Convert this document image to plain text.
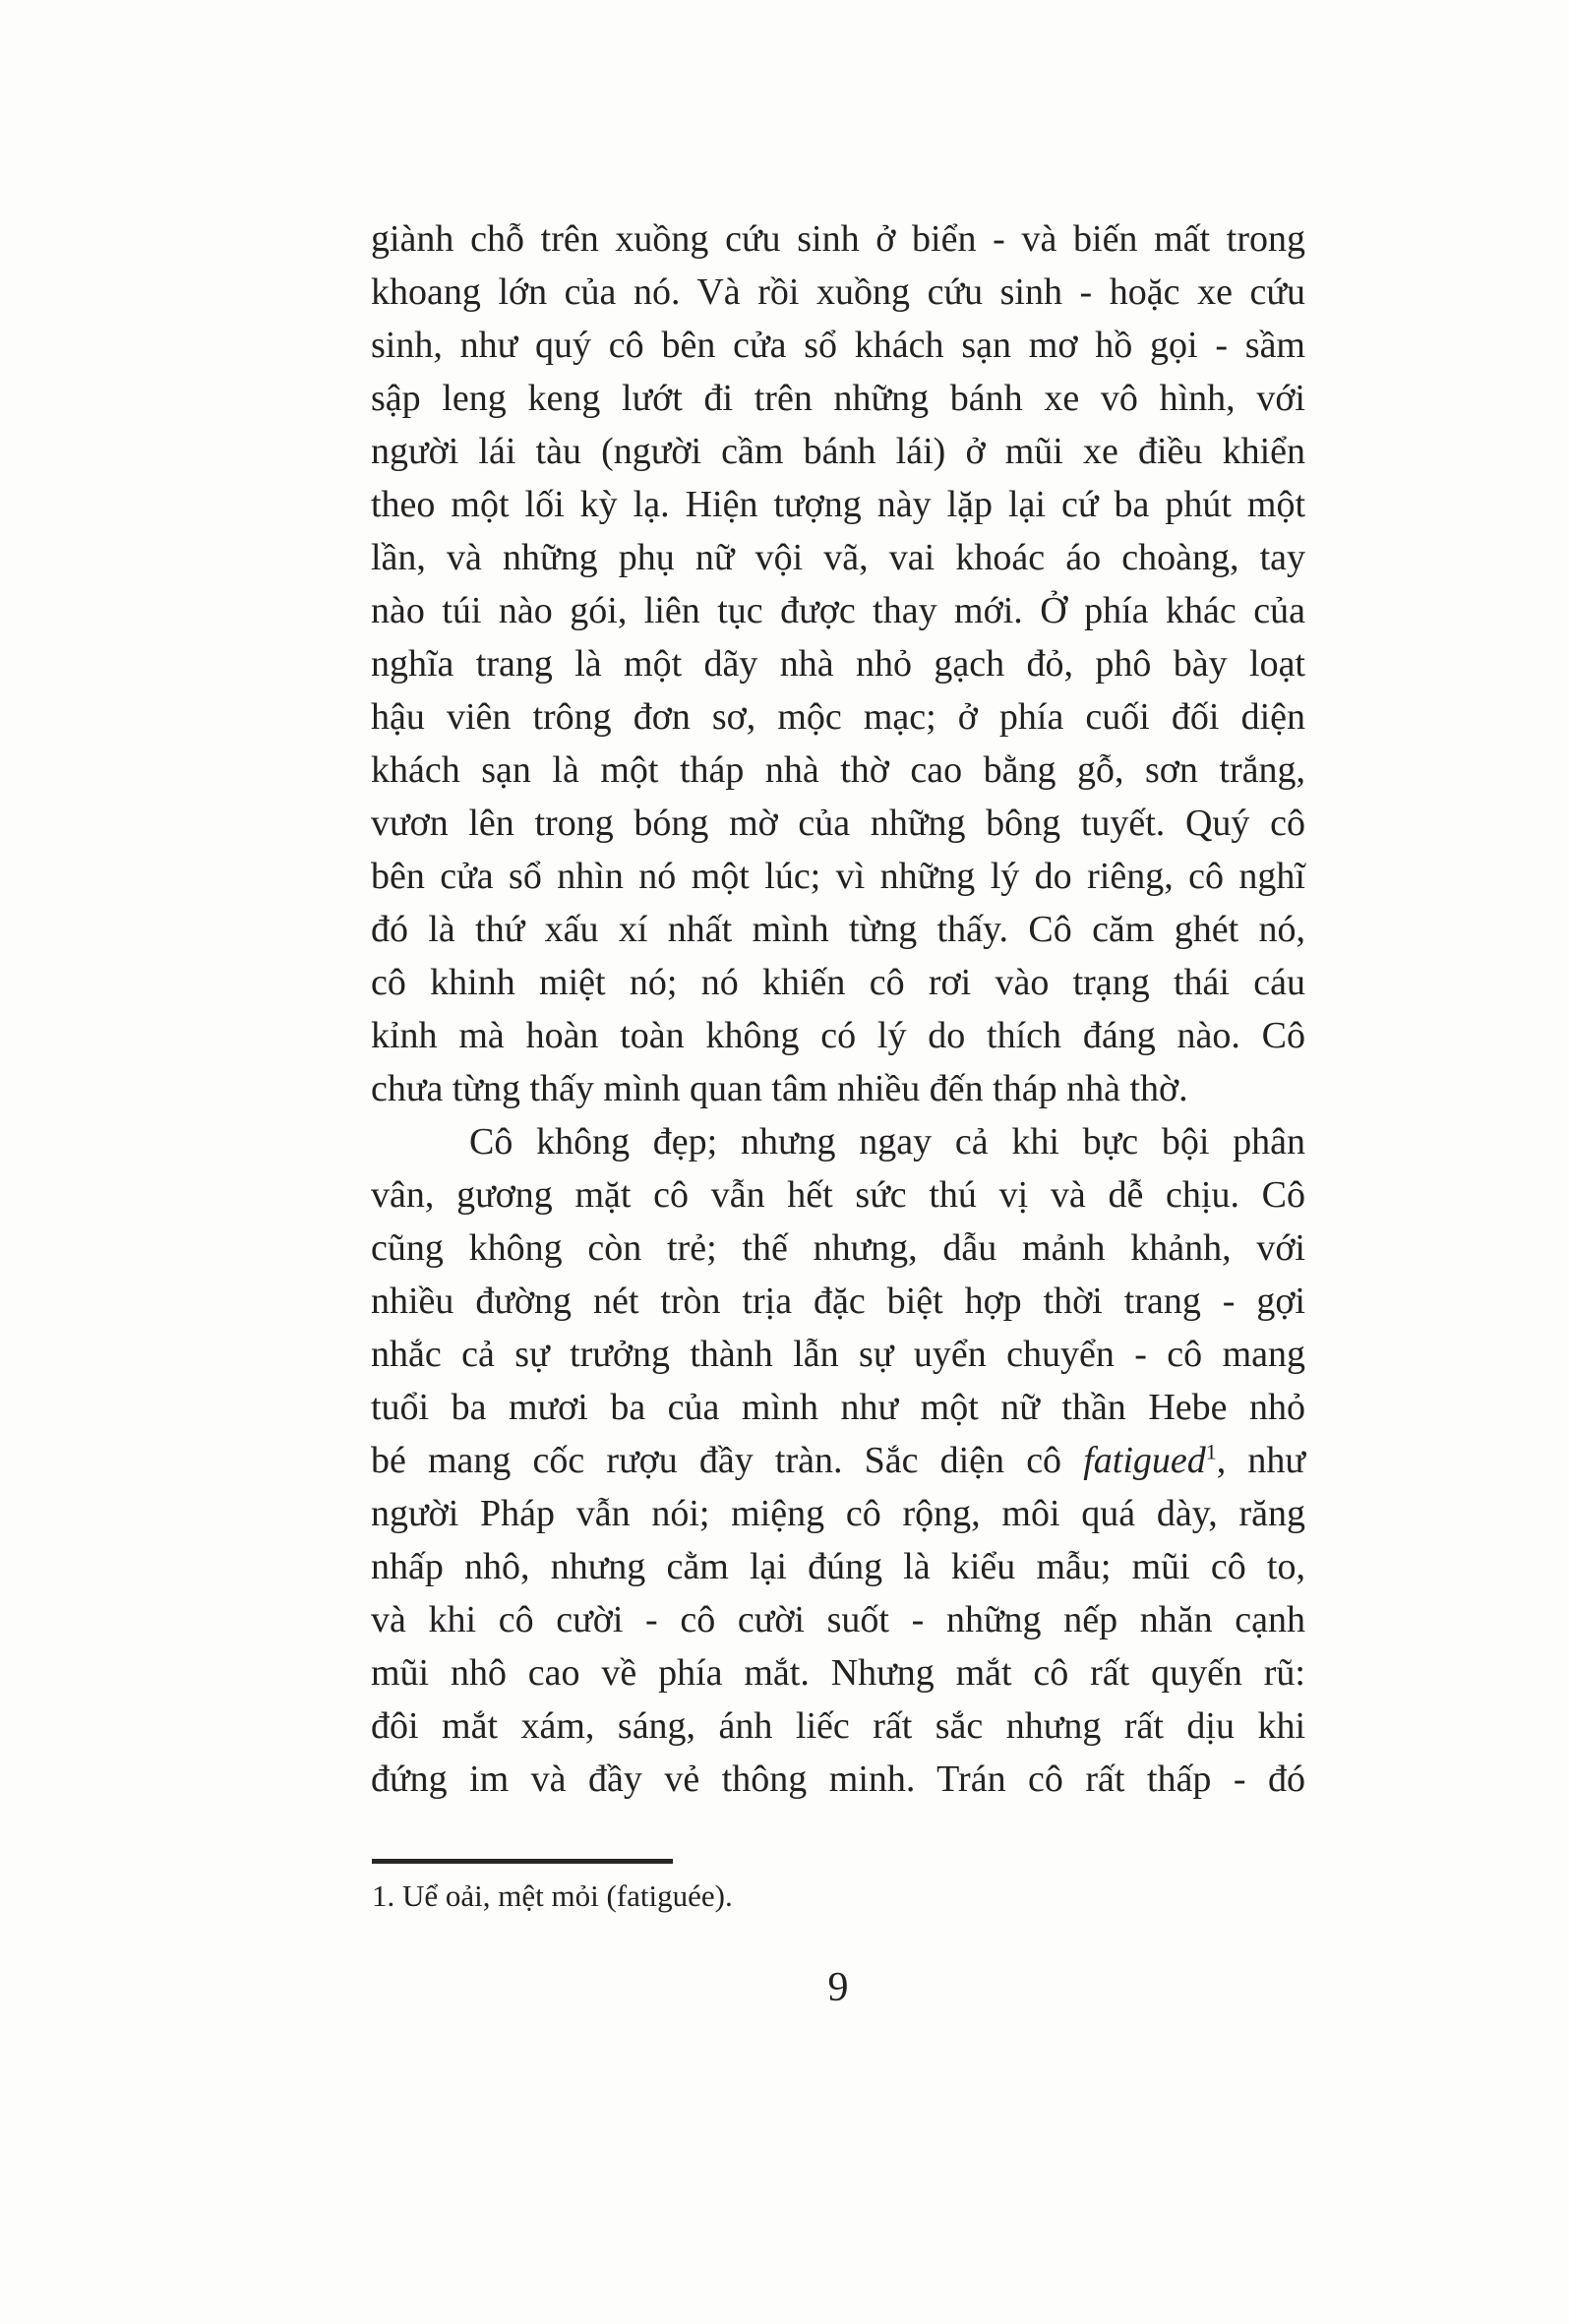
giành chỗ trên xuồng cứu sinh ở biển - và biến mất trong
khoang lớn của nó. Và rồi xuồng cứu sinh - hoặc xe cứu
sinh, như quý cô bên cửa sổ khách sạn mơ hồ gọi - sầm
sập leng keng lướt đi trên những bánh xe vô hình, với
người lái tàu (người cầm bánh lái) ở mũi xe điều khiển
theo một lối kỳ lạ. Hiện tượng này lặp lại cứ ba phút một
lần, và những phụ nữ vội vã, vai khoác áo choàng, tay
nào túi nào gói, liên tục được thay mới. Ở phía khác của
nghĩa trang là một dãy nhà nhỏ gạch đỏ, phô bày loạt
hậu viên trông đơn sơ, mộc mạc; ở phía cuối đối diện
khách sạn là một tháp nhà thờ cao bằng gỗ, sơn trắng,
vươn lên trong bóng mờ của những bông tuyết. Quý cô
bên cửa sổ nhìn nó một lúc; vì những lý do riêng, cô nghĩ
đó là thứ xấu xí nhất mình từng thấy. Cô căm ghét nó,
cô khinh miệt nó; nó khiến cô rơi vào trạng thái cáu
kỉnh mà hoàn toàn không có lý do thích đáng nào. Cô
chưa từng thấy mình quan tâm nhiều đến tháp nhà thờ.
Cô không đẹp; nhưng ngay cả khi bực bội phân
vân, gương mặt cô vẫn hết sức thú vị và dễ chịu. Cô
cũng không còn trẻ; thế nhưng, dẫu mảnh khảnh, với
nhiều đường nét tròn trịa đặc biệt hợp thời trang - gợi
nhắc cả sự trưởng thành lẫn sự uyển chuyển - cô mang
tuổi ba mươi ba của mình như một nữ thần Hebe nhỏ
bé mang cốc rượu đầy tràn. Sắc diện cô fatigued$^1$, như
người Pháp vẫn nói; miệng cô rộng, môi quá dày, răng
nhấp nhô, nhưng cằm lại đúng là kiểu mẫu; mũi cô to,
và khi cô cười - cô cười suốt - những nếp nhăn cạnh
mũi nhô cao về phía mắt. Nhưng mắt cô rất quyến rũ:
đôi mắt xám, sáng, ánh liếc rất sắc nhưng rất dịu khi
đứng im và đầy vẻ thông minh. Trán cô rất thấp - đó
1. Uể oải, mệt mỏi (fatiguée).
9
